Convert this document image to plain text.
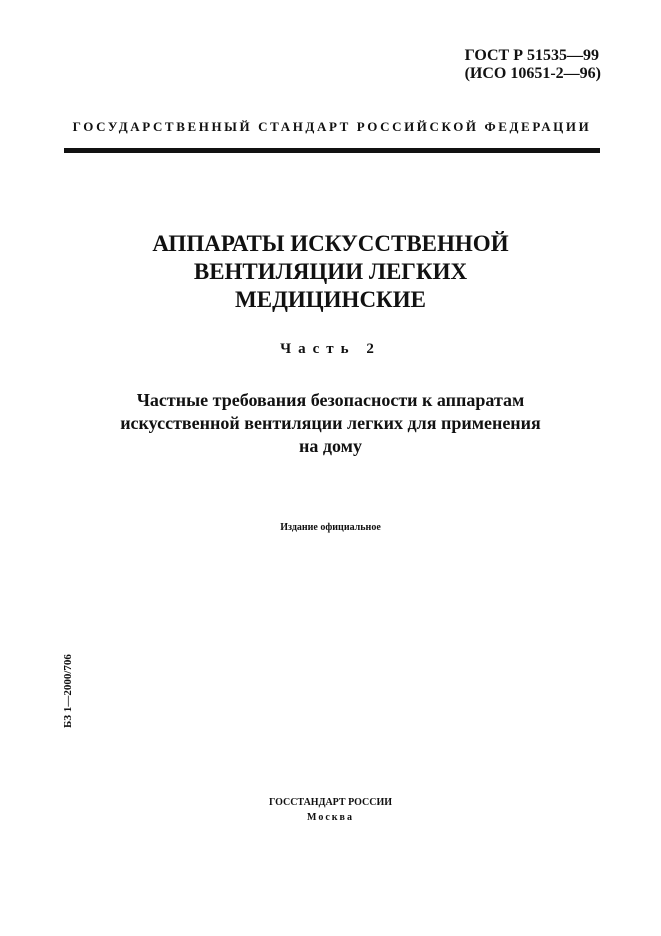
ГОСТ Р 51535—99
(ИСО 10651-2—96)
ГОСУДАРСТВЕННЫЙ СТАНДАРТ РОССИЙСКОЙ ФЕДЕРАЦИИ
АППАРАТЫ ИСКУССТВЕННОЙ
ВЕНТИЛЯЦИИ ЛЕГКИХ
МЕДИЦИНСКИЕ
Часть 2
Частные требования безопасности к аппаратам
искусственной вентиляции легких для применения
на дому
Издание официальное
БЗ 1—2000/706
ГОССТАНДАРТ РОССИИ
Москва
